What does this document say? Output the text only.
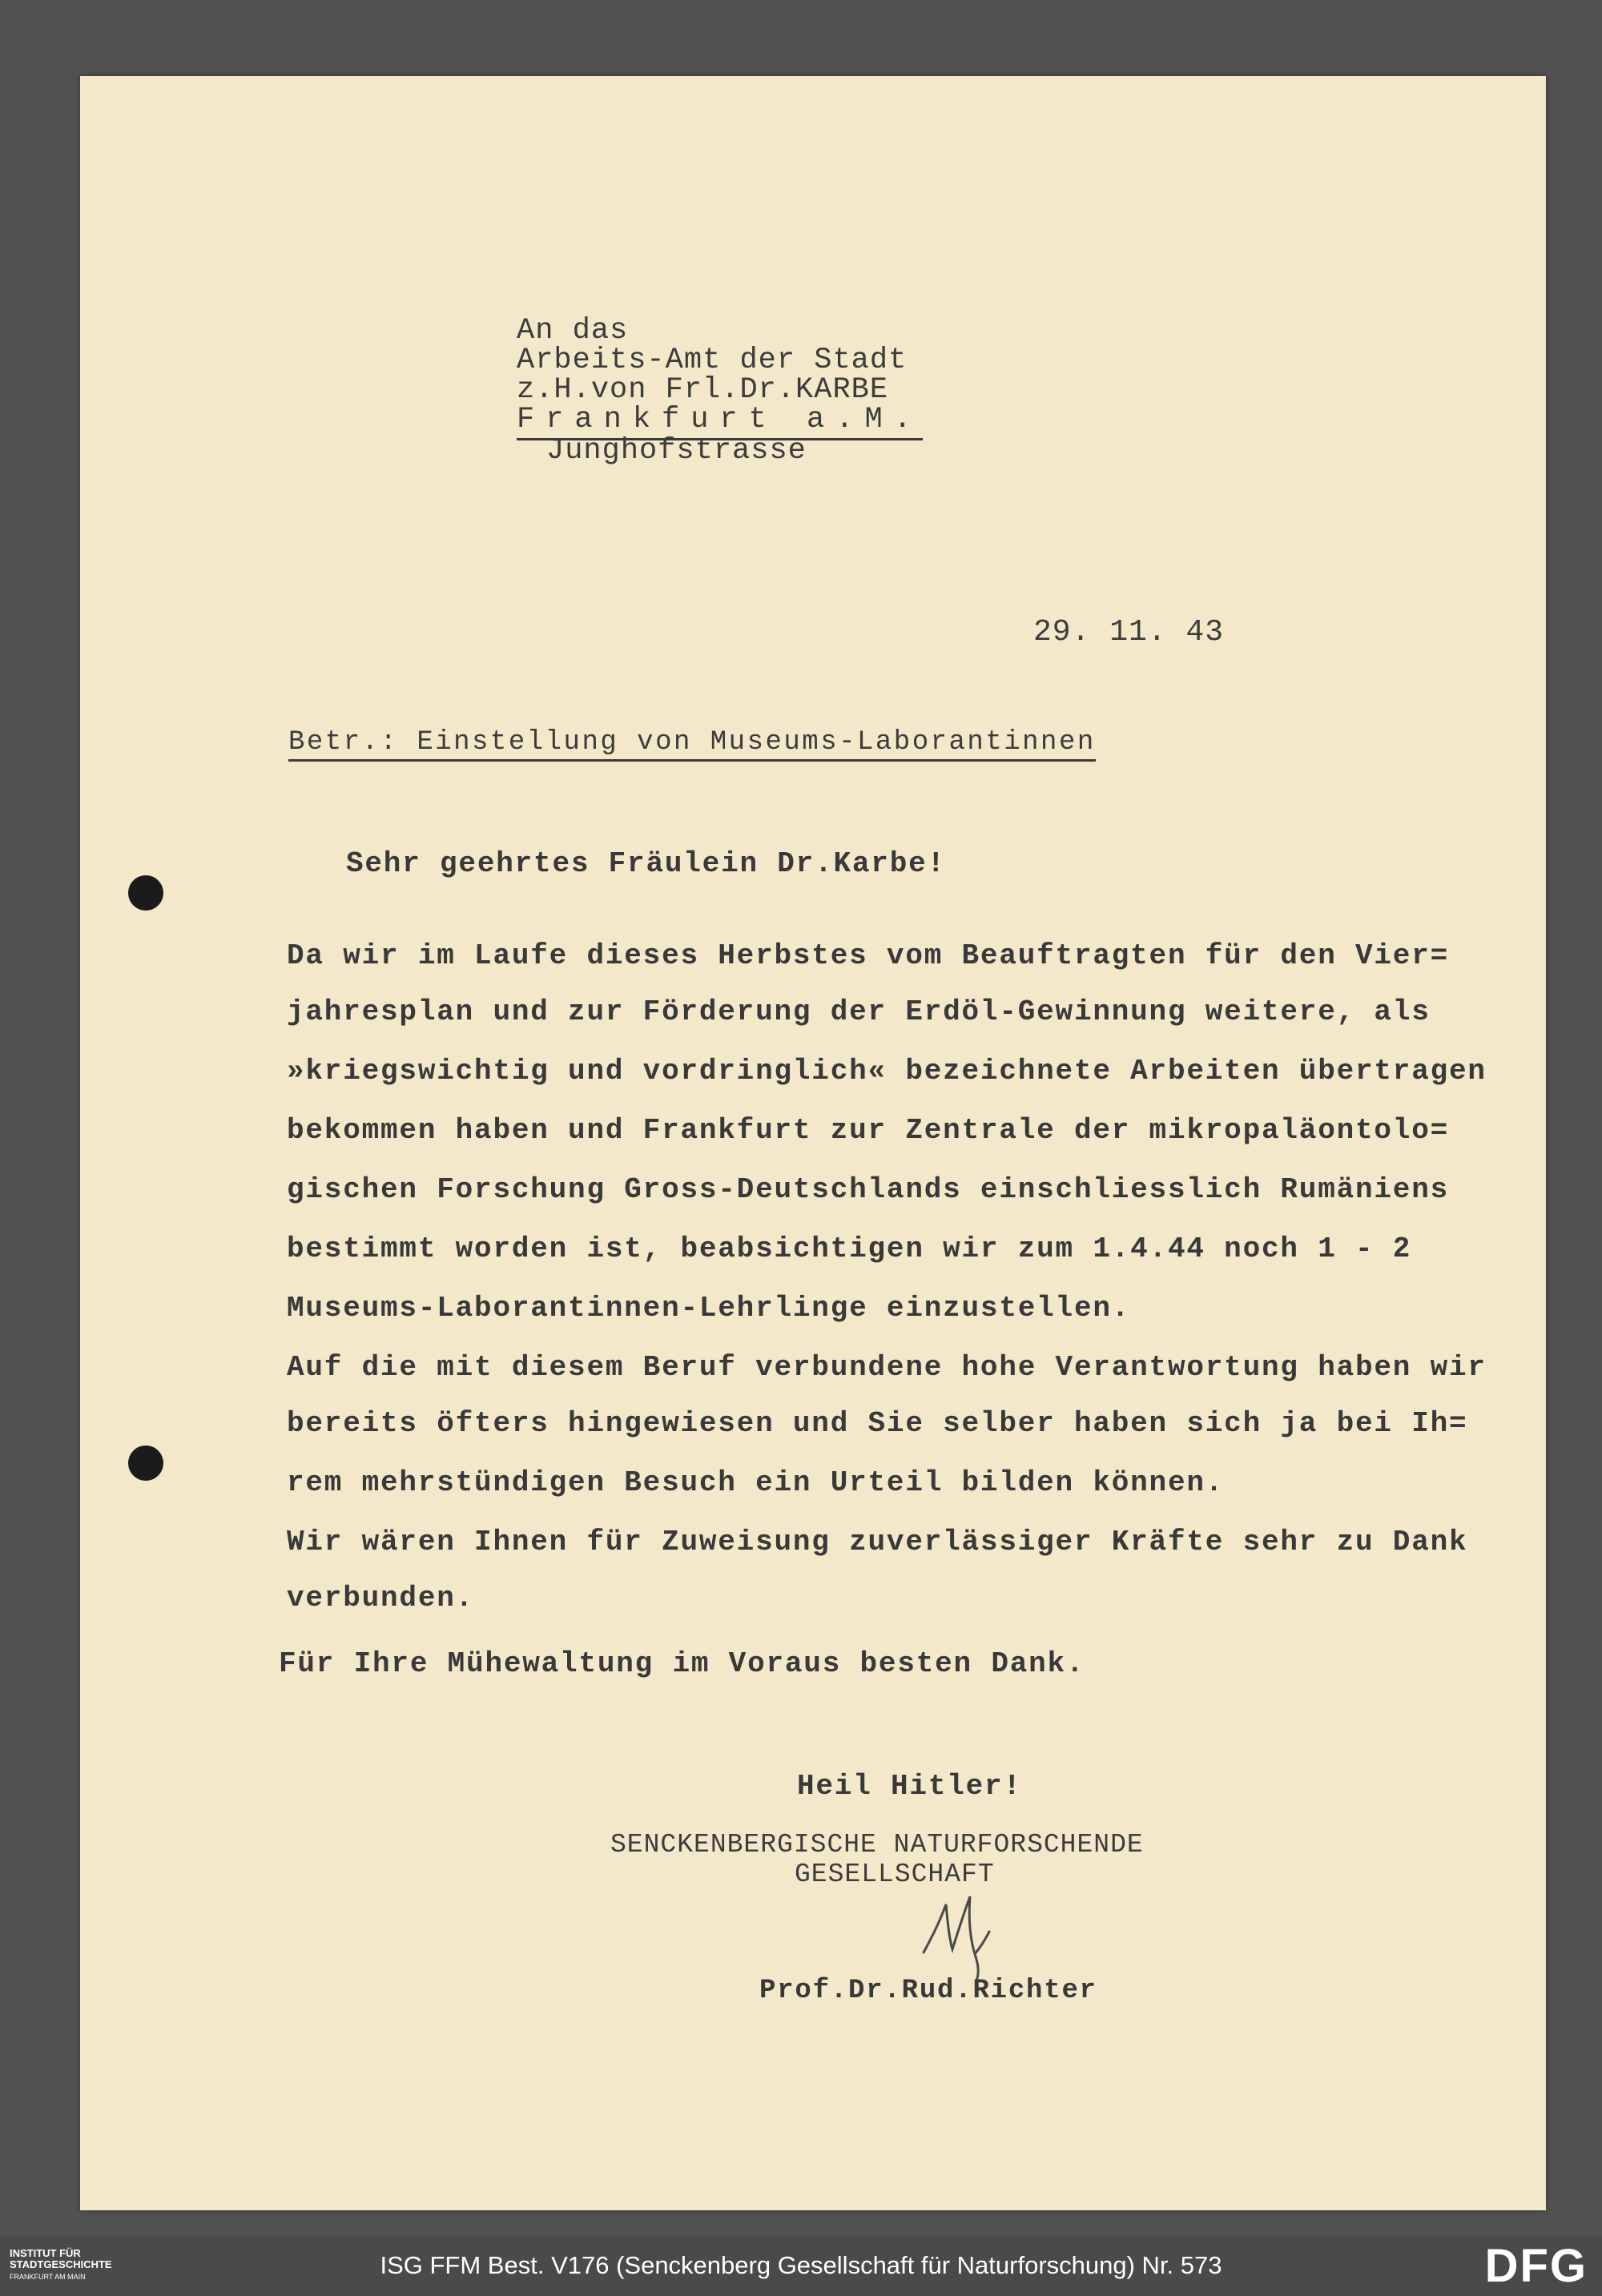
An das

Arbeits-Amt der Stadt

z.H.von Frl.Dr.KARBE

Frankfurt a.M.

Junghofstrasse

29. 11. 43

Betr.: Einstellung von Museums-Laborantinnen

Sehr geehrtes Fräulein Dr.Karbe!

Da wir im Laufe dieses Herbstes vom Beauftragten für den Vier=

jahresplan und zur Förderung der Erdöl-Gewinnung weitere, als

»kriegswichtig und vordringlich« bezeichnete Arbeiten übertragen

bekommen haben und Frankfurt zur Zentrale der mikropaläontolo=

gischen Forschung Gross-Deutschlands einschliesslich Rumäniens

bestimmt worden ist, beabsichtigen wir zum 1.4.44 noch 1 - 2

Museums-Laborantinnen-Lehrlinge einzustellen.

Auf die mit diesem Beruf verbundene hohe Verantwortung haben wir

bereits öfters hingewiesen und Sie selber haben sich ja bei Ih=

rem mehrstündigen Besuch ein Urteil bilden können.

Wir wären Ihnen für Zuweisung zuverlässiger Kräfte sehr zu Dank

verbunden.

Für Ihre Mühewaltung im Voraus besten Dank.

Heil Hitler!

SENCKENBERGISCHE NATURFORSCHENDE

GESELLSCHAFT

Prof.Dr.Rud.Richter

INSTITUT FÜR
STADTGESCHICHTE
FRANKFURT AM MAIN	ISG FFM Best. V176 (Senckenberg Gesellschaft für Naturforschung) Nr. 573	DFG
